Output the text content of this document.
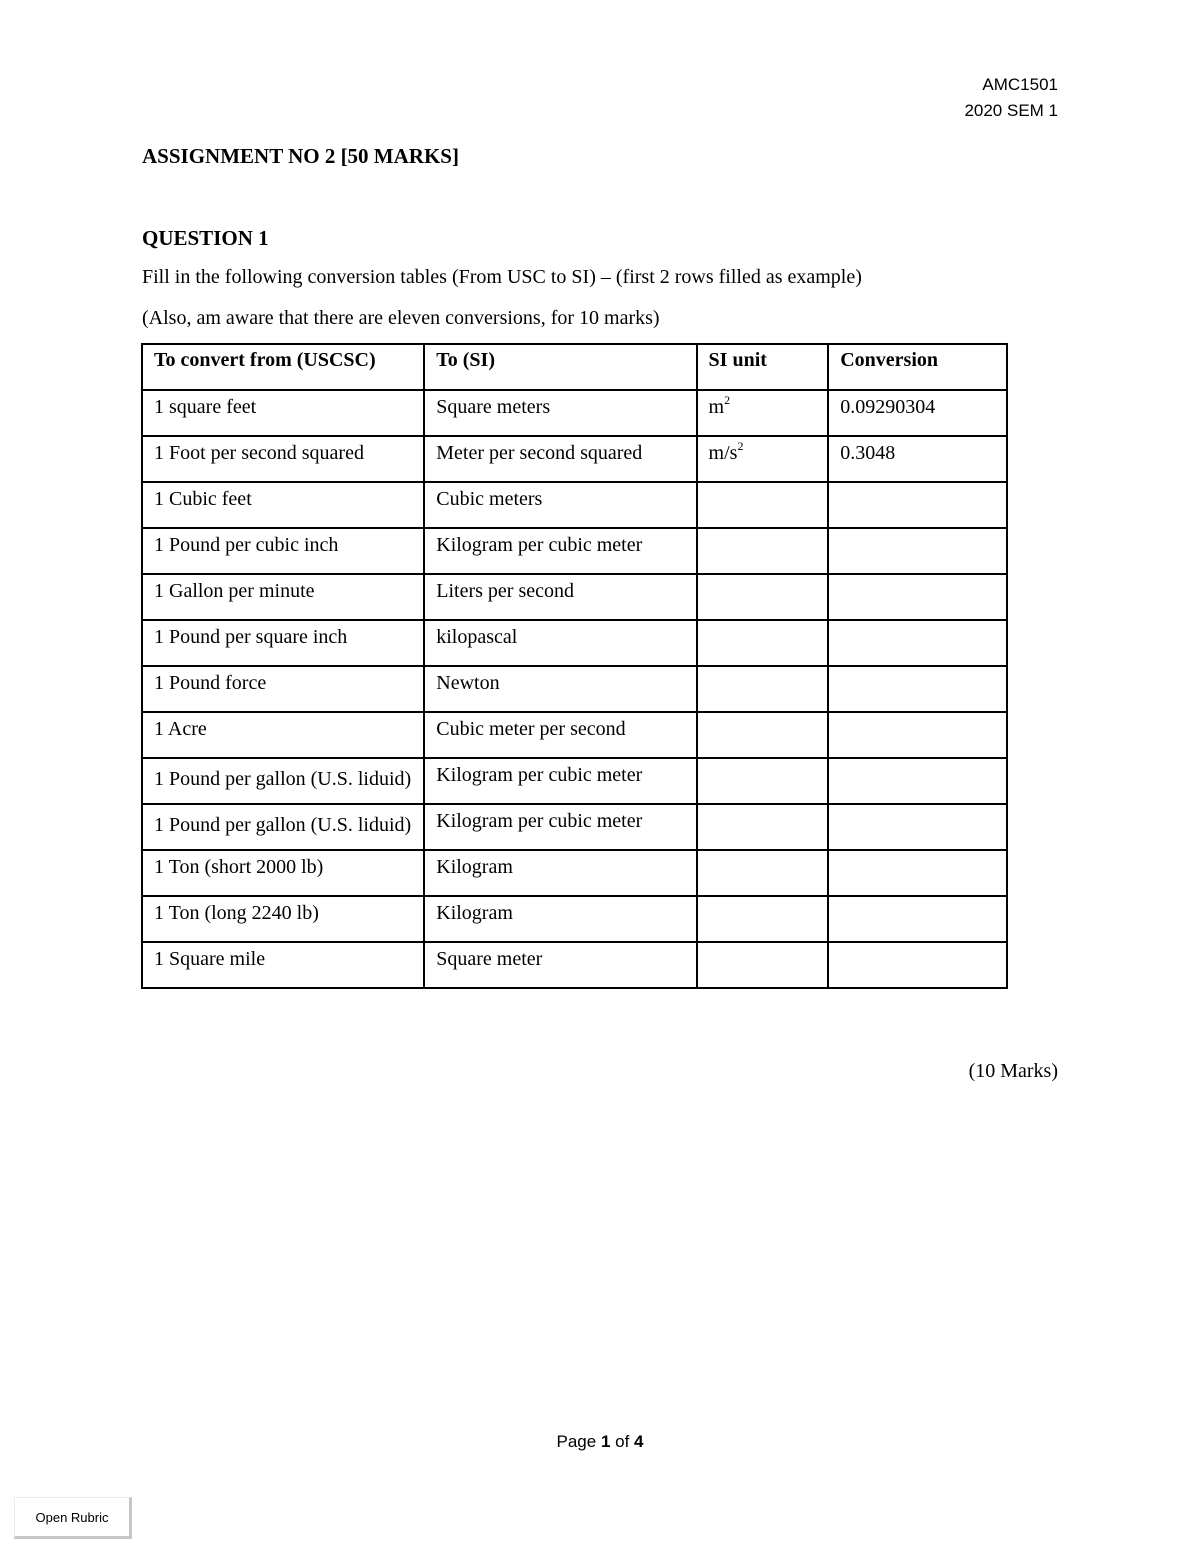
AMC1501
2020 SEM 1
ASSIGNMENT NO 2 [50 MARKS]
QUESTION 1
Fill in the following conversion tables (From USC to SI) – (first 2 rows filled as example)
(Also, am aware that there are eleven conversions, for 10 marks)
To convert from (USCSC)	To (SI)	SI unit	Conversion
1 square feet	Square meters	$m^2$	0.09290304
1 Foot per second squared	Meter per second squared	$m/s^2$	0.3048
1 Cubic feet	Cubic meters		
1 Pound per cubic inch	Kilogram per cubic meter		
1 Gallon per minute	Liters per second		
1 Pound per square inch	kilopascal		
1 Pound force	Newton		
1 Acre	Cubic meter per second		
1 Pound per gallon (U.S. liduid)	Kilogram per cubic meter		
1 Pound per gallon (U.S. liduid)	Kilogram per cubic meter		
1 Ton (short 2000 lb)	Kilogram		
1 Ton (long 2240 lb)	Kilogram		
1 Square mile	Square meter		
(10 Marks)
Page 1 of 4
Open Rubric
